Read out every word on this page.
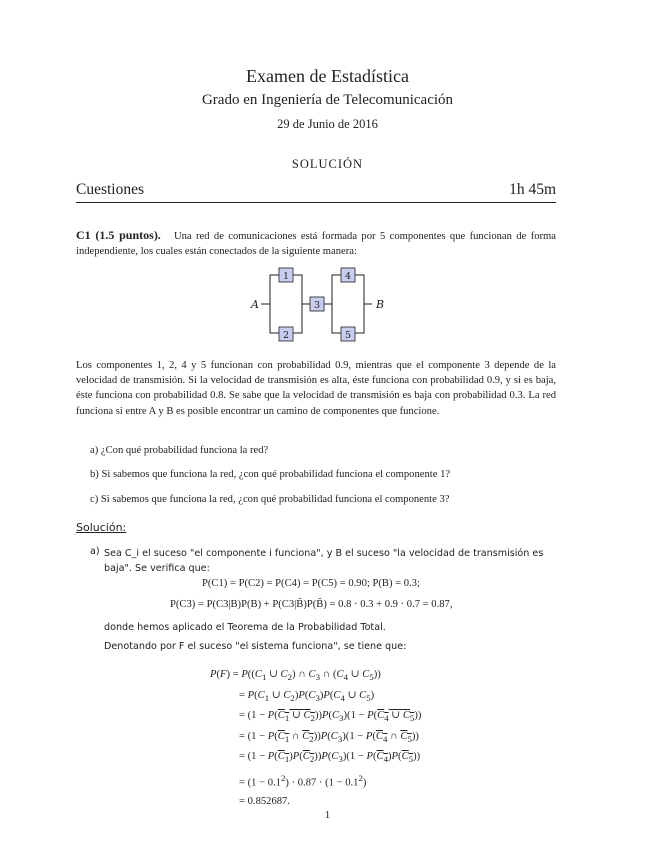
Examen de Estadística
Grado en Ingeniería de Telecomunicación
29 de Junio de 2016
SOLUCIÓN
Cuestiones	1h 45m
C1 (1.5 puntos). Una red de comunicaciones está formada por 5 componentes que funcionan de forma independiente, los cuales están conectados de la siguiente manera:
1
2
3
4
5
A	B
Los componentes 1, 2, 4 y 5 funcionan con probabilidad 0.9, mientras que el componente 3 depende de la velocidad de transmisión. Si la velocidad de transmisión es alta, éste funciona con probabilidad 0.9, y si es baja, éste funciona con probabilidad 0.8. Se sabe que la velocidad de transmisión es baja con probabilidad 0.3. La red funciona si entre A y B es posible encontrar un camino de componentes que funcione.
a) ¿Con qué probabilidad funciona la red?
b) Si sabemos que funciona la red, ¿con qué probabilidad funciona el componente 1?
c) Si sabemos que funciona la red, ¿con qué probabilidad funciona el componente 3?
Solución:
a) Sea C_i el suceso "el componente i funciona", y B el suceso "la velocidad de transmisión es baja". Se verifica que:
P(C1) = P(C2) = P(C4) = P(C5) = 0.90; P(B) = 0.3;
P(C3) = P(C3|B)P(B) + P(C3|B̃)P(B̃) = 0.8 · 0.3 + 0.9 · 0.7 = 0.87,
donde hemos aplicado el Teorema de la Probabilidad Total.
Denotando por F el suceso "el sistema funciona", se tiene que:
$P(F) = P((C_1$ ∪ $C_2$) ∩ $C_3$ ∩ ($C_4$ ∪ $C_5$))
= $P(C_1$ ∪ $C_2)P(C_3)P(C_4$ ∪ $C_5$)
= ($1 - P(C_1$ ∪ $C_2))P(C_3)(1 - P(C_4$ ∪ $C_5$))
= ($1 - P(C_1$ ∩ $C_2))P(C_3)(1 - P(C_4$ ∩ $C_5$))
= $(1 - P(C_1)P(C_2))P(C_3)(1 - P(C_4)P(C_5))$
= $(1 - 0.1^2) \cdot 0.87 \cdot (1 - 0.1^2)$
= 0.852687.
1
